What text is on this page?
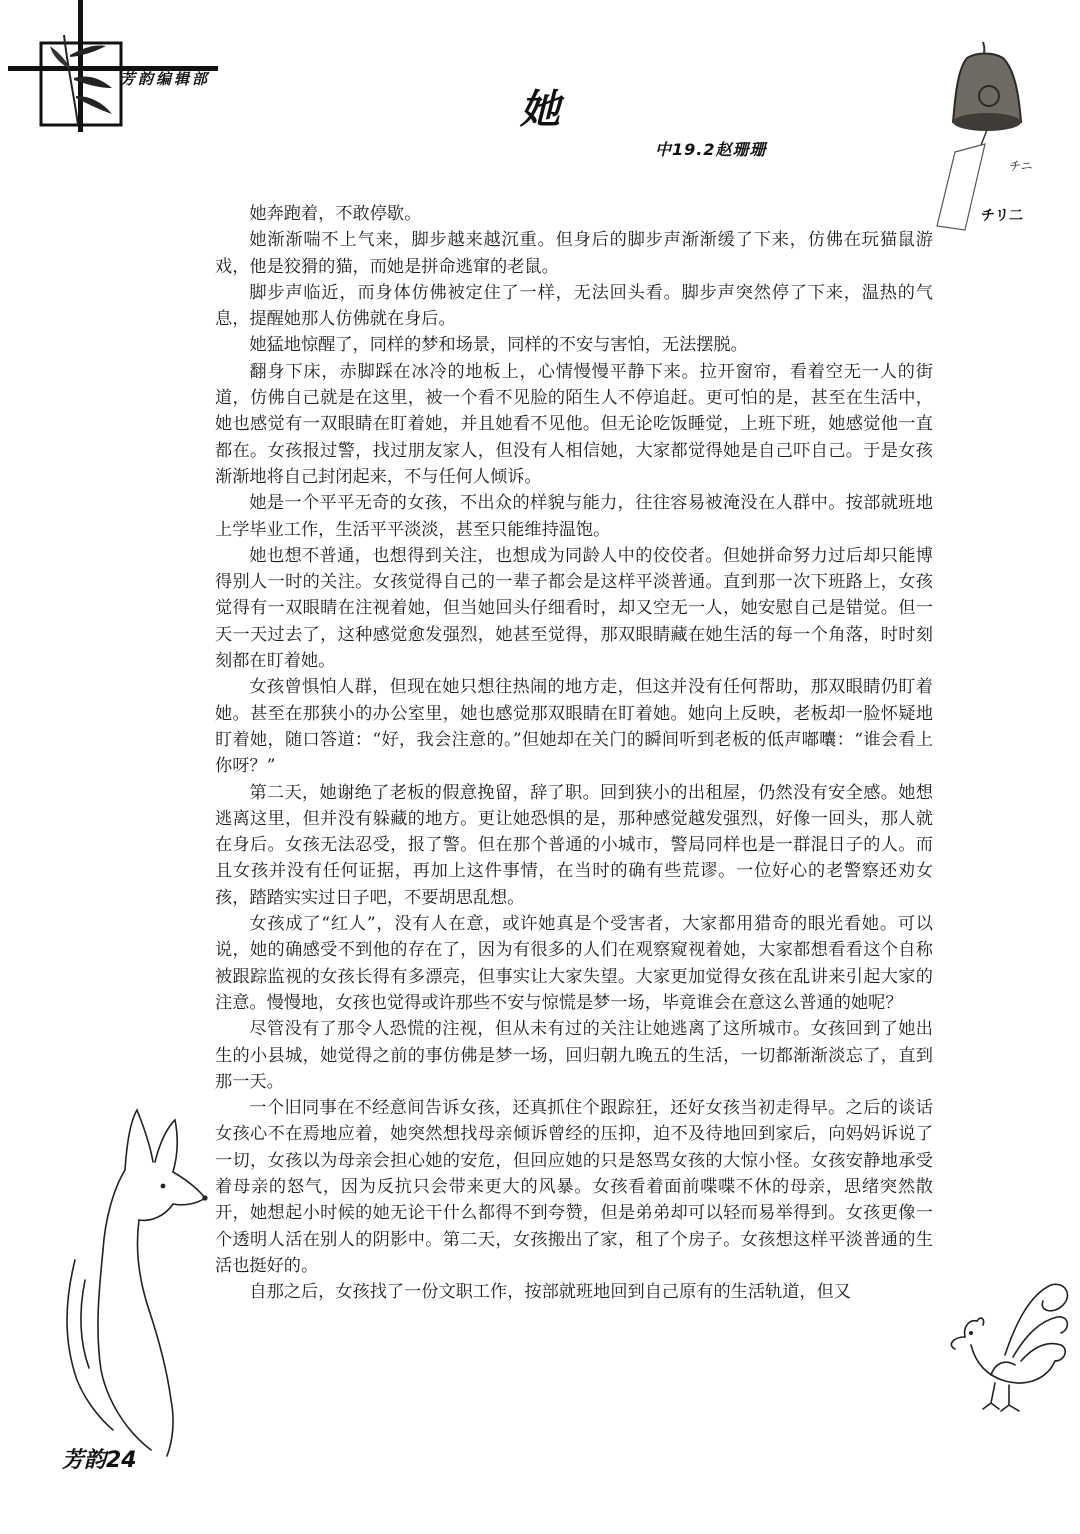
芳韵编辑部
她
中19.2赵珊珊
チニ
チリ二

她奔跑着，不敢停歇。

她渐渐喘不上气来，脚步越来越沉重。但身后的脚步声渐渐缓了下来，仿佛在玩猫鼠游戏，他是狡猾的猫，而她是拼命逃窜的老鼠。

脚步声临近，而身体仿佛被定住了一样，无法回头看。脚步声突然停了下来，温热的气息，提醒她那人仿佛就在身后。

她猛地惊醒了，同样的梦和场景，同样的不安与害怕，无法摆脱。

翻身下床，赤脚踩在冰冷的地板上，心情慢慢平静下来。拉开窗帘，看着空无一人的街道，仿佛自己就是在这里，被一个看不见脸的陌生人不停追赶。更可怕的是，甚至在生活中，她也感觉有一双眼睛在盯着她，并且她看不见他。但无论吃饭睡觉，上班下班，她感觉他一直都在。女孩报过警，找过朋友家人，但没有人相信她，大家都觉得她是自己吓自己。于是女孩渐渐地将自己封闭起来，不与任何人倾诉。

她是一个平平无奇的女孩，不出众的样貌与能力，往往容易被淹没在人群中。按部就班地上学毕业工作，生活平平淡淡，甚至只能维持温饱。

她也想不普通，也想得到关注，也想成为同龄人中的佼佼者。但她拼命努力过后却只能博得别人一时的关注。女孩觉得自己的一辈子都会是这样平淡普通。直到那一次下班路上，女孩觉得有一双眼睛在注视着她，但当她回头仔细看时，却又空无一人，她安慰自己是错觉。但一天一天过去了，这种感觉愈发强烈，她甚至觉得，那双眼睛藏在她生活的每一个角落，时时刻刻都在盯着她。

女孩曾惧怕人群，但现在她只想往热闹的地方走，但这并没有任何帮助，那双眼睛仍盯着她。甚至在那狭小的办公室里，她也感觉那双眼睛在盯着她。她向上反映，老板却一脸怀疑地盯着她，随口答道：“好，我会注意的。”但她却在关门的瞬间听到老板的低声嘟囔：“谁会看上你呀？”

第二天，她谢绝了老板的假意挽留，辞了职。回到狭小的出租屋，仍然没有安全感。她想逃离这里，但并没有躲藏的地方。更让她恐惧的是，那种感觉越发强烈，好像一回头，那人就在身后。女孩无法忍受，报了警。但在那个普通的小城市，警局同样也是一群混日子的人。而且女孩并没有任何证据，再加上这件事情，在当时的确有些荒谬。一位好心的老警察还劝女孩，踏踏实实过日子吧，不要胡思乱想。

女孩成了“红人”，没有人在意，或许她真是个受害者，大家都用猎奇的眼光看她。可以说，她的确感受不到他的存在了，因为有很多的人们在观察窥视着她，大家都想看看这个自称被跟踪监视的女孩长得有多漂亮，但事实让大家失望。大家更加觉得女孩在乱讲来引起大家的注意。慢慢地，女孩也觉得或许那些不安与惊慌是梦一场，毕竟谁会在意这么普通的她呢？

尽管没有了那令人恐慌的注视，但从未有过的关注让她逃离了这所城市。女孩回到了她出生的小县城，她觉得之前的事仿佛是梦一场，回归朝九晚五的生活，一切都渐渐淡忘了，直到那一天。

一个旧同事在不经意间告诉女孩，还真抓住个跟踪狂，还好女孩当初走得早。之后的谈话女孩心不在焉地应着，她突然想找母亲倾诉曾经的压抑，迫不及待地回到家后，向妈妈诉说了一切，女孩以为母亲会担心她的安危，但回应她的只是怒骂女孩的大惊小怪。女孩安静地承受着母亲的怒气，因为反抗只会带来更大的风暴。女孩看着面前喋喋不休的母亲，思绪突然散开，她想起小时候的她无论干什么都得不到夸赞，但是弟弟却可以轻而易举得到。女孩更像一个透明人活在别人的阴影中。第二天，女孩搬出了家，租了个房子。女孩想这样平淡普通的生活也挺好的。

自那之后，女孩找了一份文职工作，按部就班地回到自己原有的生活轨道，但又

芳韵24
